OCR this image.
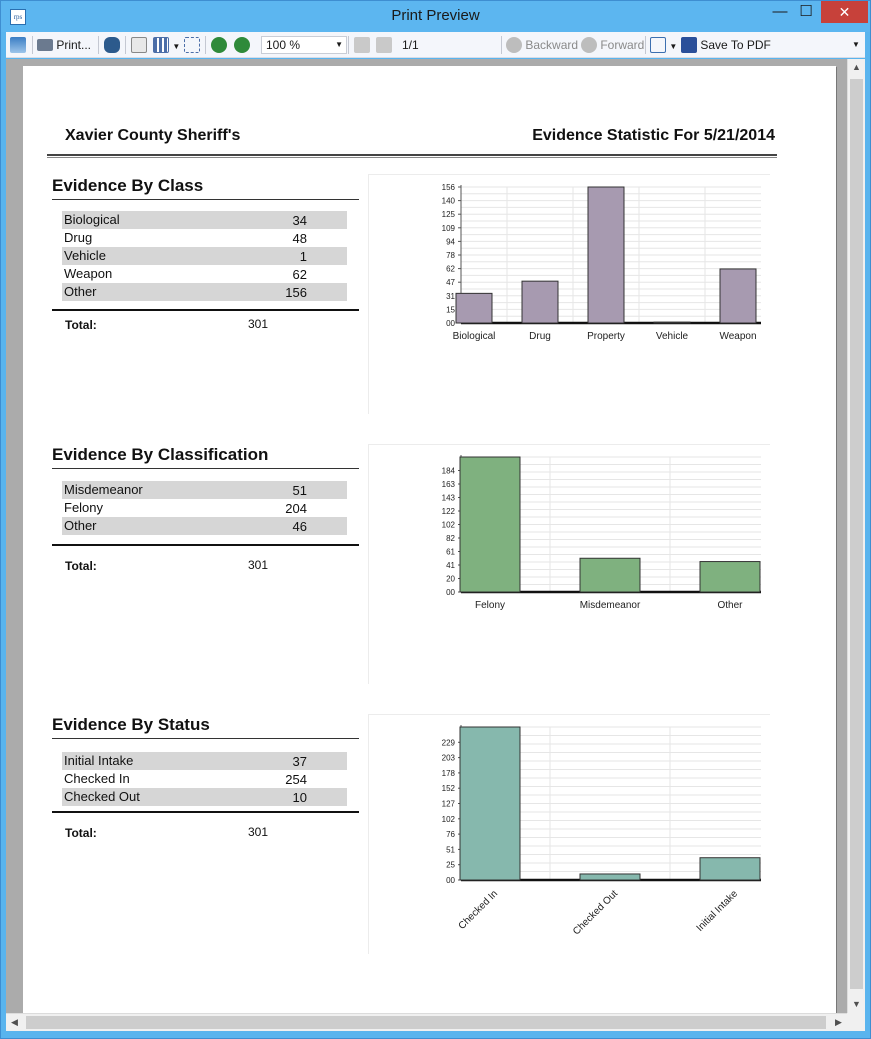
rps	Print Preview	— ☐	✕
Print...	▼	100 %	▼	1/1	Backward	Forward	▼	Save To PDF	▼
Xavier County Sheriff's	Evidence Statistic For 5/21/2014
Evidence By Class
Biological	34
Drug	48
Vehicle	1
Weapon	62
Other	156
Total:	301	00
15
31
47
62
78
94
109
125
140
156
Biological	Drug	Property	Vehicle	Weapon
Evidence By Classification
Misdemeanor	51
Felony	204
Other	46
Total:	301
00
20
41
61
82
102
122
143
163
184
Felony	Misdemeanor	Other
Evidence By Status
Initial Intake	37
Checked In	254
Checked Out	10
Total:	301
00
25
51
76
102
127
152
178
203
229
Checked In	Checked Out	Initial Intake
▲
▼
◀	▶
